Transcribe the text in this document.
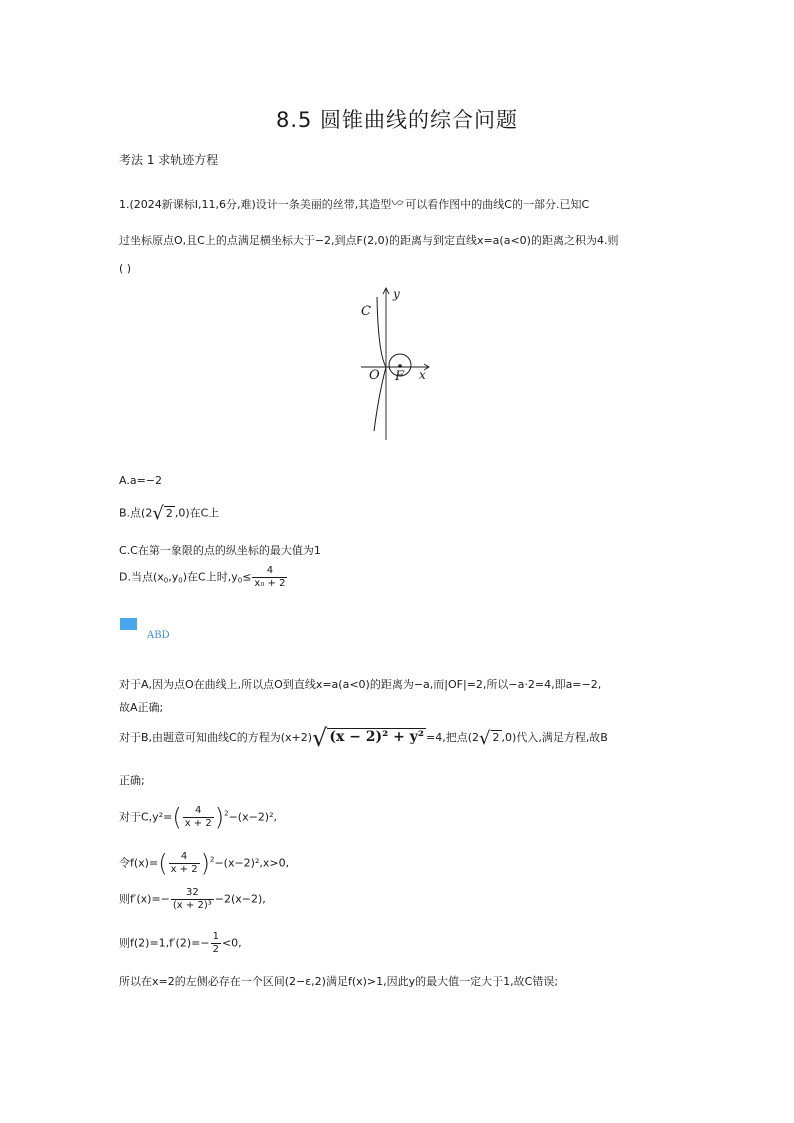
8.5 圆锥曲线的综合问题
考法 1 求轨迹方程
1.(2024新课标Ⅰ,11,6分,难)设计一条美丽的丝带,其造型 可以看作图中的曲线C的一部分.已知C
过坐标原点O,且C上的点满足横坐标大于−2,到点F(2,0)的距离与到定直线x=a(a<0)的距离之积为4.则
( )
C
y
O F x
A.a=−2
B.点(2√ 2 ,0)在C上
C.C在第一象限的点的纵坐标的最大值为1
D.当点$(x_0,y_0)$在C上时$,y_0\le \frac{4}{\text{x₀ + 2}}$
ABD
对于A,因为点O在曲线上,所以点O到直线x=a(a<0)的距离为−a,而|OF|=2,所以−a·2=4,即a=−2,
故A正确;
对于B,由题意可知曲线C的方程为(x+2)√ (x − 2)² + y² =4,把点(2√ 2 ,0)代入,满足方程,故B
正确;
对于$C,y^2=( \frac{4}{x + 2} )^2-(x-2)^2$,
令$f(x)=( \frac{4}{x + 2} )^2-(x-2)^2,x>0$,
则$f'(x)=- \frac{32}{\text{(x + 2)³}} -2(x-2)$,
则$f(2)=1,f'(2)=- \frac{1}{2} <0$,
所以在x=2的左侧必存在一个区间(2−ε,2)满足f(x)>1,因此y的最大值一定大于1,故C错误;
